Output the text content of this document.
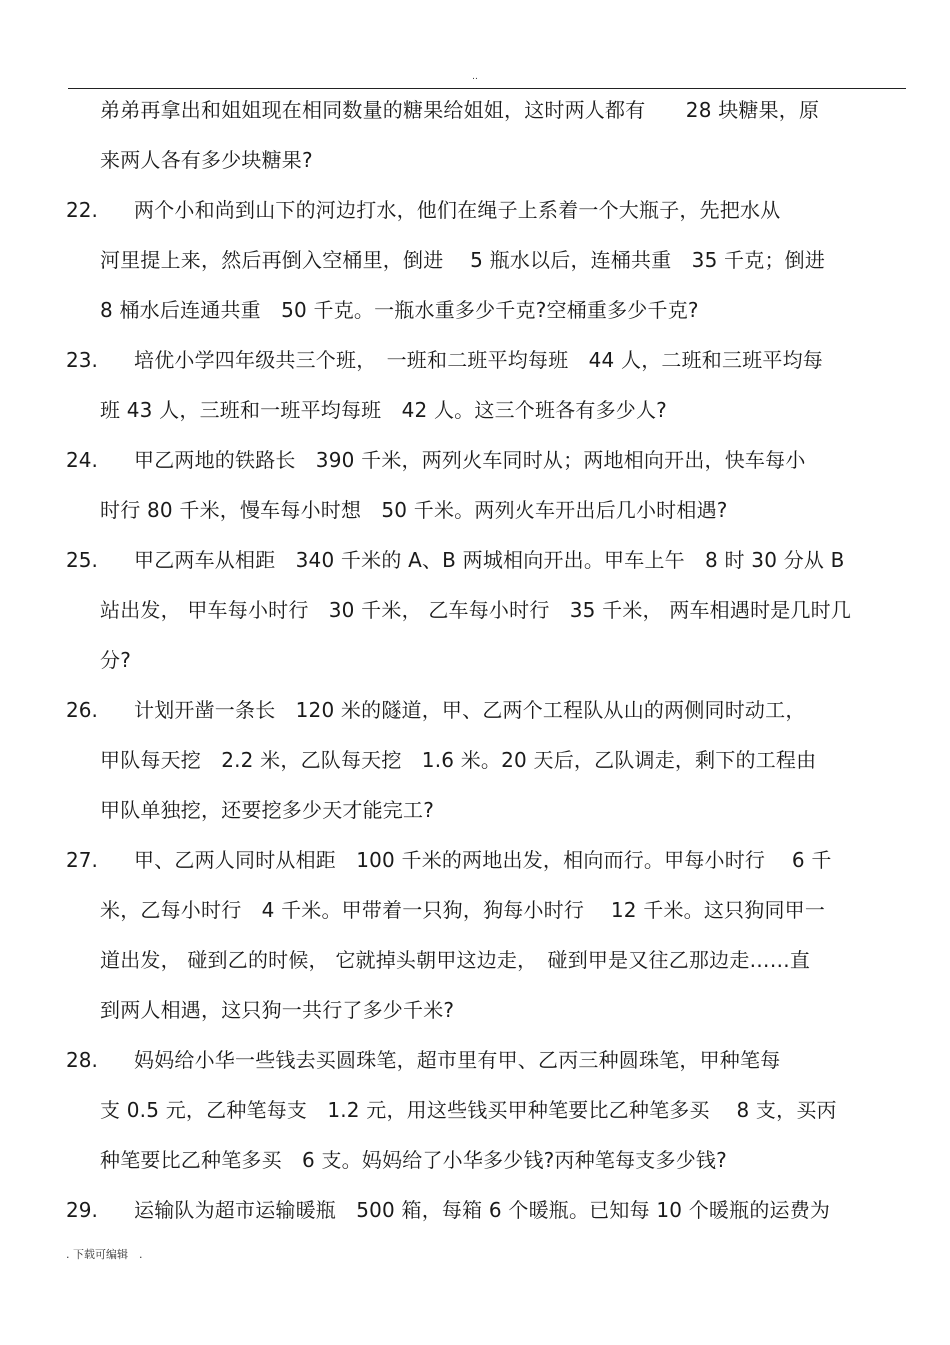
..
弟弟再拿出和姐姐现在相同数量的糖果给姐姐，这时两人都有　　28 块糖果，原
来两人各有多少块糖果?
22. 两个小和尚到山下的河边打水，他们在绳子上系着一个大瓶子，先把水从
河里提上来，然后再倒入空桶里，倒进　 5 瓶水以后，连桶共重　35 千克；倒进
8 桶水后连通共重　50 千克。一瓶水重多少千克?空桶重多少千克?
23. 培优小学四年级共三个班，　一班和二班平均每班　44 人，二班和三班平均每
班 43 人，三班和一班平均每班　42 人。这三个班各有多少人?
24. 甲乙两地的铁路长　390 千米，两列火车同时从；两地相向开出，快车每小
时行 80 千米，慢车每小时想　50 千米。两列火车开出后几小时相遇?
25. 甲乙两车从相距　340 千米的 A、B 两城相向开出。甲车上午　8 时 30 分从 B
站出发， 甲车每小时行　30 千米， 乙车每小时行　35 千米， 两车相遇时是几时几
分?
26. 计划开凿一条长　120 米的隧道，甲、乙两个工程队从山的两侧同时动工，
甲队每天挖　2.2 米，乙队每天挖　1.6 米。20 天后，乙队调走，剩下的工程由
甲队单独挖，还要挖多少天才能完工?
27. 甲、乙两人同时从相距　100 千米的两地出发，相向而行。甲每小时行　 6 千
米，乙每小时行　4 千米。甲带着一只狗，狗每小时行　 12 千米。这只狗同甲一
道出发， 碰到乙的时候， 它就掉头朝甲这边走，　碰到甲是又往乙那边走……直
到两人相遇，这只狗一共行了多少千米?
28. 妈妈给小华一些钱去买圆珠笔，超市里有甲、乙丙三种圆珠笔，甲种笔每
支 0.5 元，乙种笔每支　1.2 元，用这些钱买甲种笔要比乙种笔多买　 8 支，买丙
种笔要比乙种笔多买　6 支。妈妈给了小华多少钱?丙种笔每支多少钱?
29. 运输队为超市运输暖瓶　500 箱，每箱 6 个暖瓶。已知每 10 个暖瓶的运费为
. 下载可编辑　.
